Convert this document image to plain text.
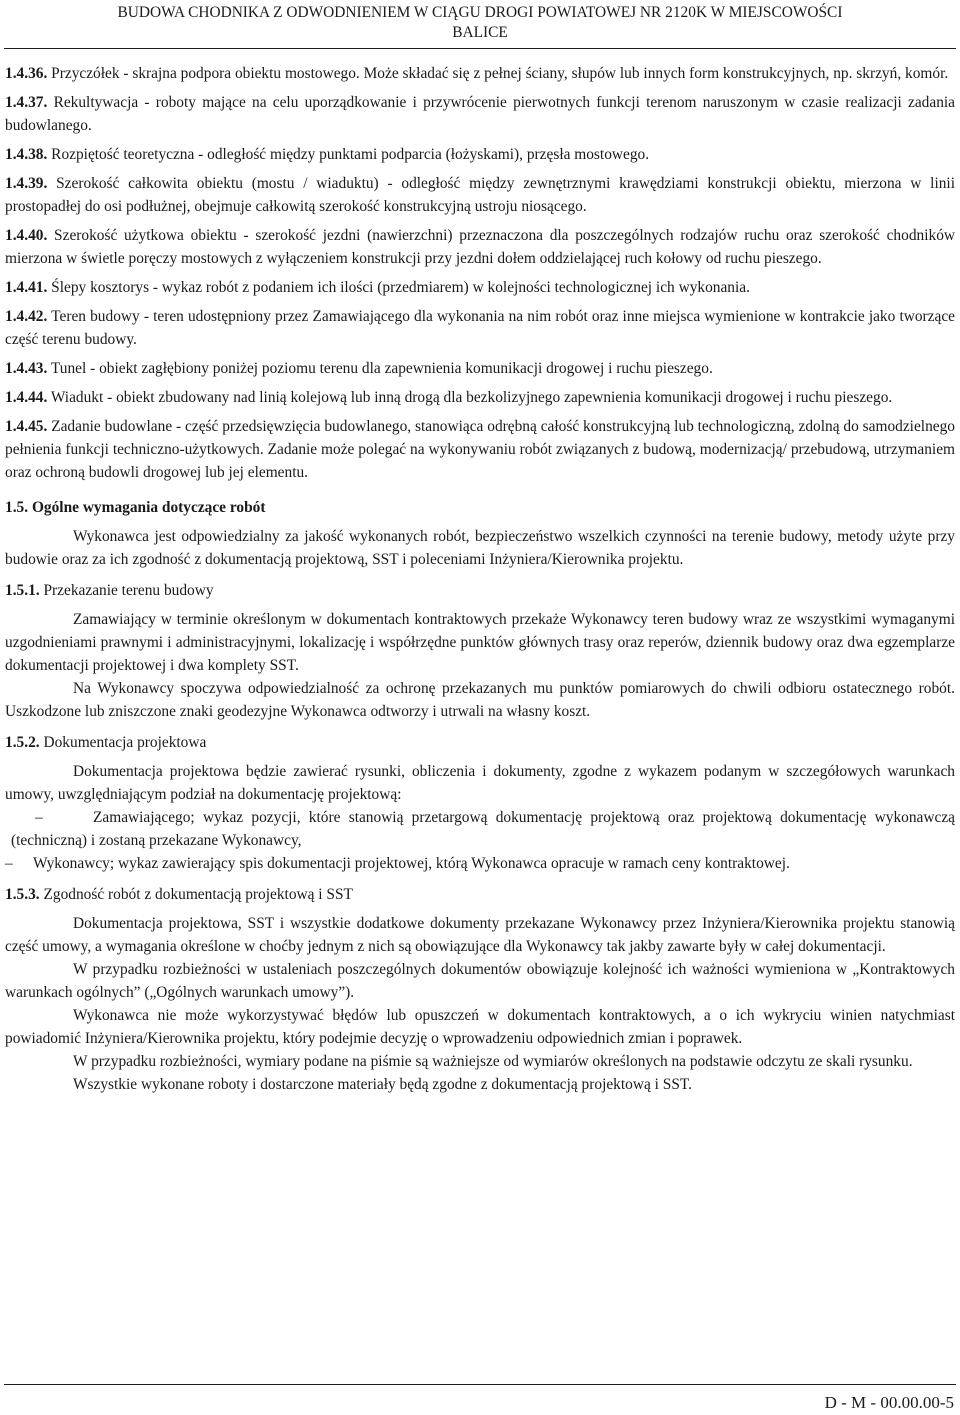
BUDOWA CHODNIKA Z ODWODNIENIEM W CIĄGU DROGI POWIATOWEJ NR 2120K W MIEJSCOWOŚCI
BALICE

1.4.36. Przyczółek - skrajna podpora obiektu mostowego. Może składać się z pełnej ściany, słupów lub innych form konstrukcyjnych, np. skrzyń, komór.

1.4.37. Rekultywacja - roboty mające na celu uporządkowanie i przywrócenie pierwotnych funkcji terenom naruszonym w czasie realizacji zadania budowlanego.

1.4.38. Rozpiętość teoretyczna - odległość między punktami podparcia (łożyskami), przęsła mostowego.

1.4.39. Szerokość całkowita obiektu (mostu / wiaduktu) - odległość między zewnętrznymi krawędziami konstrukcji obiektu, mierzona w linii prostopadłej do osi podłużnej, obejmuje całkowitą szerokość konstrukcyjną ustroju niosącego.

1.4.40. Szerokość użytkowa obiektu - szerokość jezdni (nawierzchni) przeznaczona dla poszczególnych rodzajów ruchu oraz szerokość chodników mierzona w świetle poręczy mostowych z wyłączeniem konstrukcji przy jezdni dołem oddzielającej ruch kołowy od ruchu pieszego.

1.4.41. Ślepy kosztorys - wykaz robót z podaniem ich ilości (przedmiarem) w kolejności technologicznej ich wykonania.

1.4.42. Teren budowy - teren udostępniony przez Zamawiającego dla wykonania na nim robót oraz inne miejsca wymienione w kontrakcie jako tworzące część terenu budowy.

1.4.43. Tunel - obiekt zagłębiony poniżej poziomu terenu dla zapewnienia komunikacji drogowej i ruchu pieszego.

1.4.44. Wiadukt - obiekt zbudowany nad linią kolejową lub inną drogą dla bezkolizyjnego zapewnienia komunikacji drogowej i ruchu pieszego.

1.4.45. Zadanie budowlane - część przedsięwzięcia budowlanego, stanowiąca odrębną całość konstrukcyjną lub technologiczną, zdolną do samodzielnego pełnienia funkcji techniczno-użytkowych. Zadanie może polegać na wykonywaniu robót związanych z budową, modernizacją/ przebudową, utrzymaniem oraz ochroną budowli drogowej lub jej elementu.

1.5. Ogólne wymagania dotyczące robót

Wykonawca jest odpowiedzialny za jakość wykonanych robót, bezpieczeństwo wszelkich czynności na terenie budowy, metody użyte przy budowie oraz za ich zgodność z dokumentacją projektową, SST i poleceniami Inżyniera/Kierownika projektu.

1.5.1. Przekazanie terenu budowy

Zamawiający w terminie określonym w dokumentach kontraktowych przekaże Wykonawcy teren budowy wraz ze wszystkimi wymaganymi uzgodnieniami prawnymi i administracyjnymi, lokalizację i współrzędne punktów głównych trasy oraz reperów, dziennik budowy oraz dwa egzemplarze dokumentacji projektowej i dwa komplety SST.

Na Wykonawcy spoczywa odpowiedzialność za ochronę przekazanych mu punktów pomiarowych do chwili odbioru ostatecznego robót. Uszkodzone lub zniszczone znaki geodezyjne Wykonawca odtworzy i utrwali na własny koszt.

1.5.2. Dokumentacja projektowa

Dokumentacja projektowa będzie zawierać rysunki, obliczenia i dokumenty, zgodne z wykazem podanym w szczegółowych warunkach umowy, uwzględniającym podział na dokumentację projektową:

–	Zamawiającego; wykaz pozycji, które stanowią przetargową dokumentację projektową oraz projektową dokumentację wykonawczą (techniczną) i zostaną przekazane Wykonawcy,
–	Wykonawcy; wykaz zawierający spis dokumentacji projektowej, którą Wykonawca opracuje w ramach ceny kontraktowej.

1.5.3. Zgodność robót z dokumentacją projektową i SST

Dokumentacja projektowa, SST i wszystkie dodatkowe dokumenty przekazane Wykonawcy przez Inżyniera/Kierownika projektu stanowią część umowy, a wymagania określone w choćby jednym z nich są obowiązujące dla Wykonawcy tak jakby zawarte były w całej dokumentacji.

W przypadku rozbieżności w ustaleniach poszczególnych dokumentów obowiązuje kolejność ich ważności wymieniona w „Kontraktowych warunkach ogólnych” („Ogólnych warunkach umowy”).

Wykonawca nie może wykorzystywać błędów lub opuszczeń w dokumentach kontraktowych, a o ich wykryciu winien natychmiast powiadomić Inżyniera/Kierownika projektu, który podejmie decyzję o wprowadzeniu odpowiednich zmian i poprawek.

W przypadku rozbieżności, wymiary podane na piśmie są ważniejsze od wymiarów określonych na podstawie odczytu ze skali rysunku.

Wszystkie wykonane roboty i dostarczone materiały będą zgodne z dokumentacją projektową i SST.

D - M - 00.00.00-5
